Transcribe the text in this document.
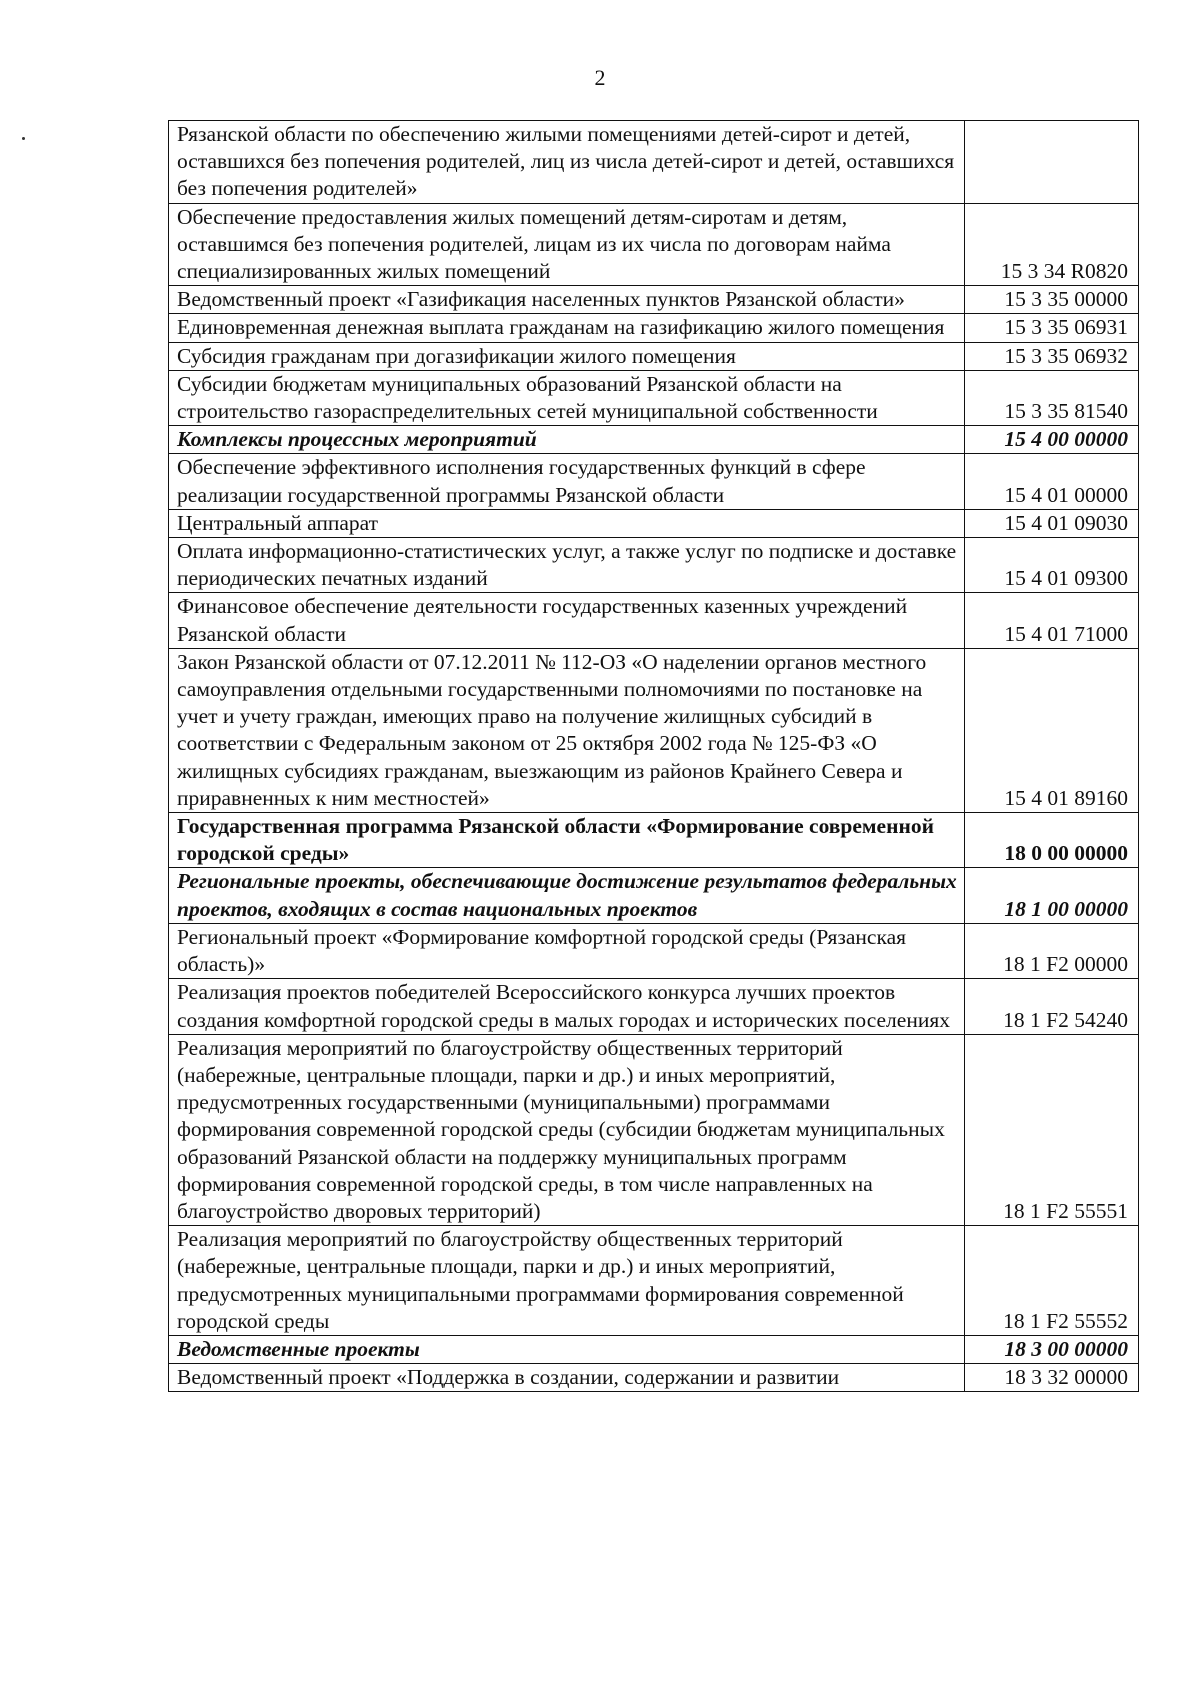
2
Рязанской области по обеспечению жилыми помещениями детей-сирот и детей, оставшихся без попечения родителей, лиц из числа детей-сирот и детей, оставшихся без попечения родителей»	
Обеспечение предоставления жилых помещений детям-сиротам и детям, оставшимся без попечения родителей, лицам из их числа по договорам найма специализированных жилых помещений	15 3 34 R0820
Ведомственный проект «Газификация населенных пунктов Рязанской области»	15 3 35 00000
Единовременная денежная выплата гражданам на газификацию жилого помещения	15 3 35 06931
Субсидия гражданам при догазификации жилого помещения	15 3 35 06932
Субсидии бюджетам муниципальных образований Рязанской области на строительство газораспределительных сетей муниципальной собственности	15 3 35 81540
Комплексы процессных мероприятий	15 4 00 00000
Обеспечение эффективного исполнения государственных функций в сфере реализации государственной программы Рязанской области	15 4 01 00000
Центральный аппарат	15 4 01 09030
Оплата информационно-статистических услуг, а также услуг по подписке и доставке периодических печатных изданий	15 4 01 09300
Финансовое обеспечение деятельности государственных казенных учреждений Рязанской области	15 4 01 71000
Закон Рязанской области от 07.12.2011 № 112-ОЗ «О наделении органов местного самоуправления отдельными государственными полномочиями по постановке на учет и учету граждан, имеющих право на получение жилищных субсидий в соответствии с Федеральным законом от 25 октября 2002 года № 125-ФЗ «О жилищных субсидиях гражданам, выезжающим из районов Крайнего Севера и приравненных к ним местностей»	15 4 01 89160
Государственная программа Рязанской области «Формирование современной городской среды»	18 0 00 00000
Региональные проекты, обеспечивающие достижение результатов федеральных проектов, входящих в состав национальных проектов	18 1 00 00000
Региональный проект «Формирование комфортной городской среды (Рязанская область)»	18 1 F2 00000
Реализация проектов победителей Всероссийского конкурса лучших проектов создания комфортной городской среды в малых городах и исторических поселениях	18 1 F2 54240
Реализация мероприятий по благоустройству общественных территорий (набережные, центральные площади, парки и др.) и иных мероприятий, предусмотренных государственными (муниципальными) программами формирования современной городской среды (субсидии бюджетам муниципальных образований Рязанской области на поддержку муниципальных программ формирования современной городской среды, в том числе направленных на благоустройство дворовых территорий)	18 1 F2 55551
Реализация мероприятий по благоустройству общественных территорий (набережные, центральные площади, парки и др.) и иных мероприятий, предусмотренных муниципальными программами формирования современной городской среды	18 1 F2 55552
Ведомственные проекты	18 3 00 00000
Ведомственный проект «Поддержка в создании, содержании и развитии	18 3 32 00000
